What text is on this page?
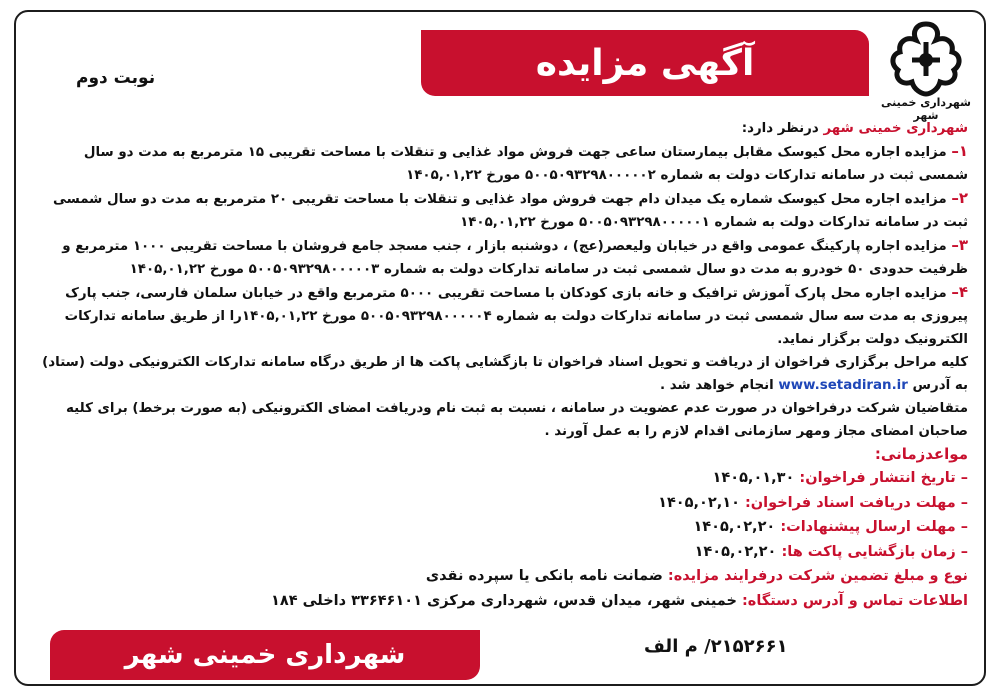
شهرداری خمینی شهر
آگهی مزایده
نوبت دوم

شهرداری خمینی شهر درنظر دارد:

۱– مزایده اجاره محل کیوسک مقابل بیمارستان ساعی جهت فروش مواد غذایی و تنقلات با مساحت تقریبی ۱۵ مترمربع به مدت دو سال شمسی ثبت در سامانه تدارکات دولت به شماره ۵۰۰۵۰۹۳۲۹۸۰۰۰۰۰۲ مورخ ۱۴۰۵,۰۱,۲۲

۲– مزایده اجاره محل کیوسک شماره یک میدان دام جهت فروش مواد غذایی و تنقلات با مساحت تقریبی ۲۰ مترمربع به مدت دو سال شمسی ثبت در سامانه تدارکات دولت به شماره ۵۰۰۵۰۹۳۲۹۸۰۰۰۰۰۱ مورخ ۱۴۰۵,۰۱,۲۲

۳– مزایده اجاره پارکینگ عمومی واقع در خیابان ولیعصر(عج) ، دوشنبه بازار ، جنب مسجد جامع فروشان با مساحت تقریبی ۱۰۰۰ مترمربع و ظرفیت حدودی ۵۰ خودرو به مدت دو سال شمسی ثبت در سامانه تدارکات دولت به شماره ۵۰۰۵۰۹۳۲۹۸۰۰۰۰۰۳ مورخ ۱۴۰۵,۰۱,۲۲

۴– مزایده اجاره محل پارک آموزش ترافیک و خانه بازی کودکان با مساحت تقریبی ۵۰۰۰ مترمربع واقع در خیابان سلمان فارسی، جنب پارک پیروزی به مدت سه سال شمسی ثبت در سامانه تدارکات دولت به شماره ۵۰۰۵۰۹۳۲۹۸۰۰۰۰۰۴ مورخ ۱۴۰۵,۰۱,۲۲را از طریق سامانه تدارکات الکترونیک دولت برگزار نماید.

کلیه مراحل برگزاری فراخوان از دریافت و تحویل اسناد فراخوان تا بازگشایی پاکت ها از طریق درگاه سامانه تدارکات الکترونیکی دولت (ستاد) به آدرس www.setadiran.ir انجام خواهد شد .

متقاضیان شرکت درفراخوان در صورت عدم عضویت در سامانه ، نسبت به ثبت نام ودریافت امضای الکترونیکی (به صورت برخط) برای کلیه صاحبان امضای مجاز ومهر سازمانی اقدام لازم را به عمل آورند .

مواعدزمانی:

– تاریخ انتشار فراخوان: ۱۴۰۵,۰۱,۳۰

– مهلت دریافت اسناد فراخوان: ۱۴۰۵,۰۲,۱۰

– مهلت ارسال پیشنهادات: ۱۴۰۵,۰۲,۲۰

– زمان بازگشایی پاکت ها: ۱۴۰۵,۰۲,۲۰

نوع و مبلغ تضمین شرکت درفرایند مزایده: ضمانت نامه بانکی یا سپرده نقدی

اطلاعات تماس و آدرس دستگاه: خمینی شهر، میدان قدس، شهرداری مرکزی ۳۳۶۴۶۱۰۱ داخلی ۱۸۴

شهرداری خمینی شهر	۲۱۵۲۶۶۱/ م الف
